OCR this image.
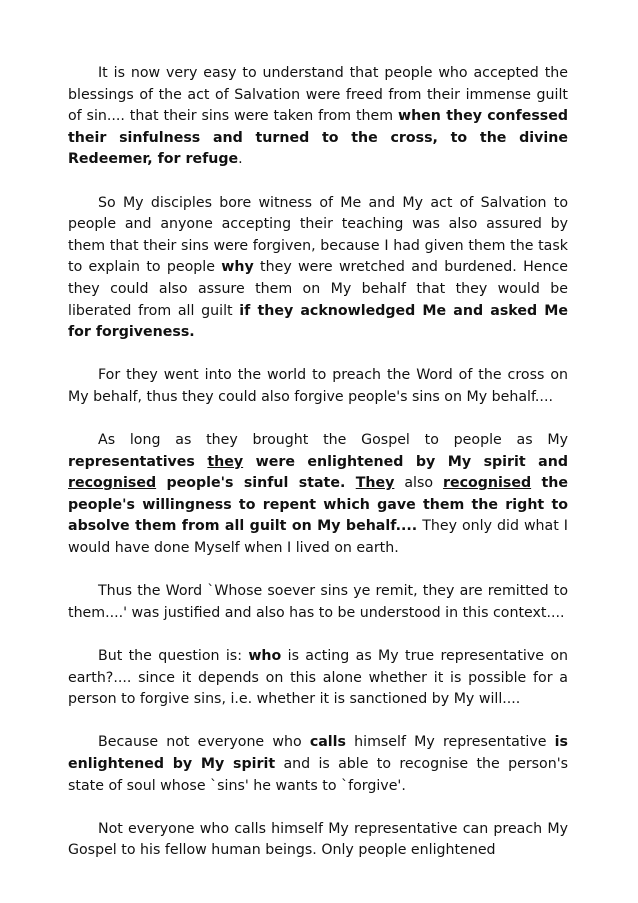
It is now very easy to understand that people who accepted the blessings of the act of Salvation were freed from their immense guilt of sin.... that their sins were taken from them when they confessed their sinfulness and turned to the cross, to the divine Redeemer, for refuge.

So My disciples bore witness of Me and My act of Salvation to people and anyone accepting their teaching was also assured by them that their sins were forgiven, because I had given them the task to explain to people why they were wretched and burdened. Hence they could also assure them on My behalf that they would be liberated from all guilt if they acknowledged Me and asked Me for forgiveness.

For they went into the world to preach the Word of the cross on My behalf, thus they could also forgive people's sins on My behalf....

As long as they brought the Gospel to people as My representatives they were enlightened by My spirit and recognised people's sinful state. They also recognised the people's willingness to repent which gave them the right to absolve them from all guilt on My behalf.... They only did what I would have done Myself when I lived on earth.

Thus the Word `Whose soever sins ye remit, they are remitted to them....' was justified and also has to be understood in this context....

But the question is: who is acting as My true representative on earth?.... since it depends on this alone whether it is possible for a person to forgive sins, i.e. whether it is sanctioned by My will....

Because not everyone who calls himself My representative is enlightened by My spirit and is able to recognise the person's state of soul whose `sins' he wants to `forgive'.

Not everyone who calls himself My representative can preach My Gospel to his fellow human beings. Only people enlightened
